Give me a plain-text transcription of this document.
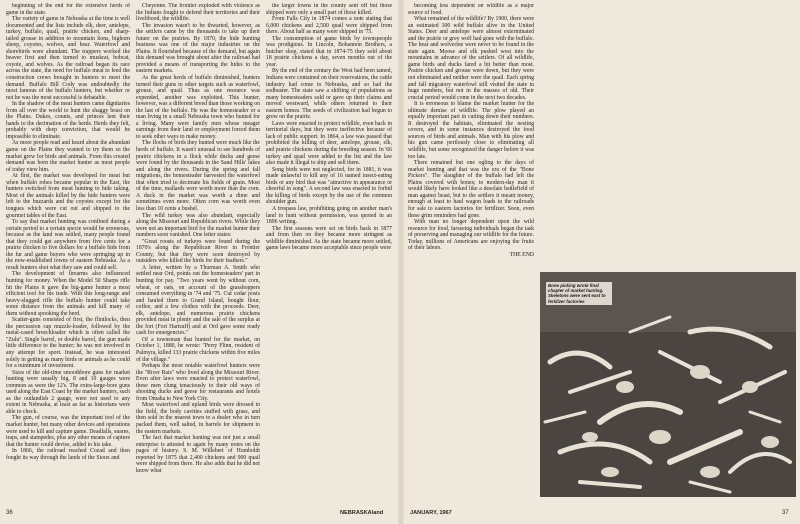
beginning of the end for the extensive herds of game in the state.

The variety of game in Nebraska at the time is well documented and the lists include elk, deer, antelope, turkey, buffalo, quail, prairie chicken, and sharp-tailed grouse in addition to mountain lions, bighorn sheep, coyotes, wolves, and bear. Waterfowl and shorebirds were abundant. The trappers worked the beaver first and then turned to muskrat, bobcat, coyote, and wolves. As the railroad began its race across the state, the need for buffalo meat to feed the construction crews brought in hunters to meet the demand. Buffalo Bill Cody was undoubtedly the most famous of the buffalo hunters, but whether or not he was the most successful is debatable.

In the shadow of the meat hunters came dignitaries from all over the world to hunt the shaggy beast on the Plains. Dukes, counts, and princes lent their hands to the decimation of the herds. Herds they felt, probably with deep conviction, that would be impossible to eliminate.

As more people read and heard about the abundant game on the Plains they wanted to try them so the market grew for birds and animals. From this created demand was born the market hunter as most people of today view him.

At first, the market was developed for meat but when buffalo robes became popular in the East, the hunters switched from meat hunting to hide taking. Most of the animals killed by the hide hunters were left to the buzzards and the coyotes except for the tongues which were cut out and shipped to the gourmet tables of the East.

To say that market hunting was confined during a certain period to a certain specie would be erroneous, because as the land was settled, many people found that they could get anywhere from five cents for a prairie chicken to five dollars for a buffalo hide from the fur and game buyers who were springing up in the now-established towns of eastern Nebraska. As a result hunters shot what they saw and could sell.

The development of firearms also influenced hunting for money. When the Model 50 Sharps rifle hit the Plains it gave the big-game hunter a most efficient tool for his trade. With this long-range and heavy-slugged rifle the buffalo hunter could take some distance from the animals and kill many of them without spooking the herd.

Scatter-guns consisted of first, the flintlocks, then the percussion cap muzzle-loader, followed by the metal-cased breechloader which is often called the "Zulu". Single barrel, or double barrel, the gun made little difference to the hunter; he was not involved in any attempt for sport. Instead, he was interested solely in getting as many birds or animals as he could for a minimum of investment.

Sizes of the old-time smoothbore guns for market hunting were usually big, 8 and 10 gauges were common as were the 12's. The extra-large-bore guns used along the East Coast by the market hunters, such as the outlandish 2 gauge, were not used to any extent in Nebraska, at least as far as historians were able to check.

The gun, of course, was the important tool of the market hunter, but many other devices and operations were used to kill and capture game. Deadfalls, snares, traps, and stampedes, plus any other means of capture that the hunter could devise, added to his take.

In 1866, the railroad reached Cozad and then fought its way through the lands of the Sioux and

Cheyenne. The frontier exploded with violence as the Indians fought to defend their territories and their livelihood, the wildlife.

The invasion wasn't to be thwarted, however, as the settlers came by the thousands to take up their future on the prairies. By 1870, the hide hunting business was one of the major industries on the Plains. It flourished because of the demand, but again this demand was brought about after the railroad had provided a means of transporting the hides to the eastern markets.

As the great herds of buffalo diminished, hunters turned their guns to other targets such as waterfowl, grouse, and quail. Thus as one resource was expended, another was exploited. This hunter, however, was a different breed than those working on the last of the buffalo. He was the homesteader or a man living in a small Nebraska town who hunted for a living. Many were family men whose meager earnings from their land or employment forced them to seek other ways to make money.

The flocks of birds they hunted were much like the herds of buffalo. It wasn't unusual to see hundreds of prairie chickens in a flock while ducks and geese were found by the thousands in the Sand Hills' lakes and along the rivers. During the spring and fall migrations, the homesteader harvested the waterfowl that often tried to decimate his fields of grain. Most of the time, mallards were worth more than the corn. A duck in the market was worth a dime and sometimes even more. Often corn was worth even less than 10 cents a bushel.

The wild turkey was also abundant, especially along the Missouri and Republican rivers. While they were not an important bird for the market hunter their numbers soon vanished. One letter states:

"Great roosts of turkeys were found during the 1870's along the Republican River in Frontier County, but that they were soon destroyed by outsiders who killed the birds for their feathers."

A letter, written by a Thurman A. Smith who settled near Ord, points out the homesteaders' part in hunting for pay. "Two years went by without corn, wheat, or oats, on account of the grasshoppers consumed everything in '74 and '75. Cut cedar posts and hauled them to Grand Island, bought flour, coffee, and a few clothes with the proceeds. Deer, elk, antelope, and numerous prairie chickens provided meat in plenty and the sale of the surplus at the fort (Fort Hartsuff) and at Ord gave some ready cash for emergencies."

Of a townsman that hunted for the market, on October 1, 1880, he wrote: "Perry Flinn, resident of Palmyra, killed 133 prairie chickens within five miles of the village."

Perhaps the most notable waterfowl hunters were the "River Rats" who lived along the Missouri River. Even after laws were enacted to protect waterfowl, these men clung tenaciously to their old ways of shooting ducks and geese for restaurants and hotels from Omaha to New York City.

Most waterfowl and upland birds were dressed in the field, the body cavities stuffed with grass, and then sold in the nearest town to a dealer who in turn packed them, well salted, in barrels for shipment to the eastern markets.

The fact that market hunting was not just a small enterprise is attested to again by many notes on the pages of history. S. M. Willehert of Humboldt reported by 1875 that 2,400 chickens and 900 quail were shipped from there. He also adds that he did not know what

the larger towns in the county sent off but those shipped were only a small part of those killed.

From Falls City in 1874 comes a note stating that 6,000 chickens and 2,500 quail were shipped from there. About half as many were shipped in '75.

The consumption of game birds by townspeople was prodigious. In Lincoln, Bohannon Brothers, a butcher shop, stated that in 1874-75 they sold about 18 prairie chickens a day, seven months out of the year.

By the end of the century the West had been tamed, Indians were contained on their reservations, the cattle industry had come to Nebraska, and so had the sodbuster. The state saw a shifting of populations as many homesteaders sold or gave up their claims and moved westward, while others returned to their eastern homes. The seeds of civilization had begun to grow on the prairie.

Laws were enacted to protect wildlife, even back in territorial days, but they were ineffective because of lack of public support. In 1864, a law was passed that prohibited the killing of deer, antelope, grouse, elk, and prairie chickens during the breeding season. In '66 turkey and quail were added to the list and the law also made it illegal to ship and sell them.

Song birds were not neglected, for in 1881, it was made unlawful to kill any of 16 named insect-eating birds or any bird that was "attractive in appearance or cheerful in song". A second law was enacted to forbid the killing of birds except by the use of the common shoulder gun.

A trespass law, prohibiting going on another man's land to hunt without permission, was quoted in an 1896 writing.

The first seasons were set on birds back in 1877 and from then on they became more stringent as wildlife diminished. As the state became more settled, game laws became more acceptable since people were

becoming less dependent on wildlife as a major source of food.

What remained of the wildlife? By 1900, there were an estimated 300 wild buffalo alive in the United States. Deer and antelope were almost exterminated and the prairie or grey wolf had gone with the buffalo. The bear and wolverine were never to be found in the state again. Moose and elk pushed west into the mountains in advance of the settlers. Of all wildlife, game birds and ducks fared a bit better than most. Prairie chicken and grouse were down, but they were not eliminated and neither were the quail. Each spring and fall migratory waterfowl still visited the state in huge numbers, but not in the masses of old. Their crucial period would come in the next two decades.

It is erroneous to blame the market hunter for the ultimate demise of wildlife. The plow played an equally important part in cutting down their numbers. It destroyed the habitats, eliminated the nesting covers, and in some instances destroyed the food sources of birds and animals. Man with his plow and his gun came perilously close to eliminating all wildlife, but some recognized the danger before it was too late.

There remained but one ogling to the days of market hunting and that was the era of the "Bone Pickers". The slaughter of the buffalo had left the Plains covered with bones; to modern-day man it would likely have looked like a desolate battlefield of man against beast, but to the settlers it meant money, enough at least to haul wagon loads to the railroads for sale to eastern factories for fertilizer. Soon, even these grim reminders had gone.

With man no longer dependent upon the wild resource for food, farseeing individuals began the task of preserving and managing our wildlife for the future. Today, millions of Americans are enjoying the fruits of their labors.

THE END

Bone picking wrote final chapter of market hunting. Skeletons were sent east to fertilizer factories
36	NEBRASKAland	JANUARY, 1967	37
